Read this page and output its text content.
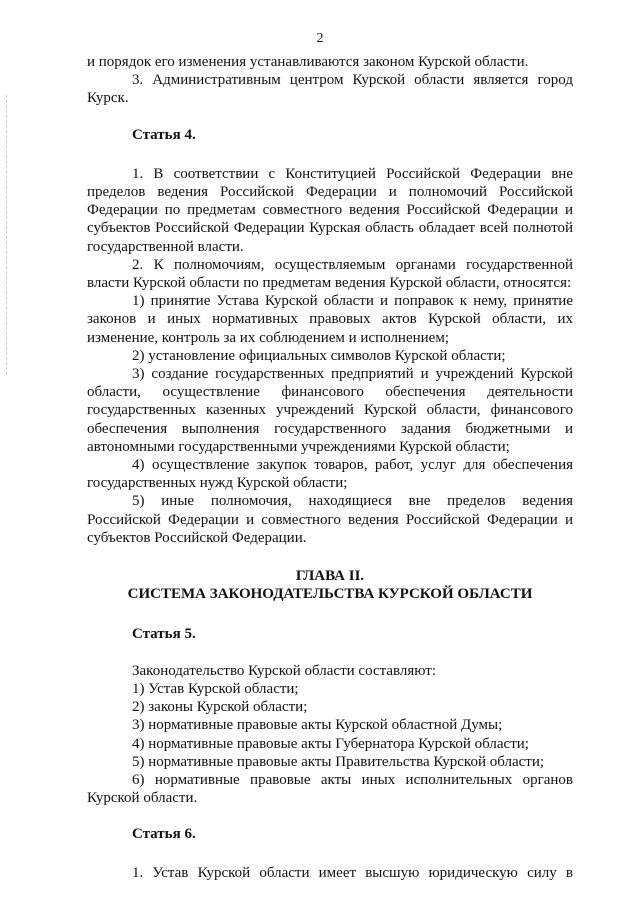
2

и порядок его изменения устанавливаются законом Курской области.

3. Административным центром Курской области является город

Курск.

Статья 4.

1. В соответствии с Конституцией Российской Федерации вне

пределов ведения Российской Федерации и полномочий Российской

Федерации по предметам совместного ведения Российской Федерации и

субъектов Российской Федерации Курская область обладает всей полнотой

государственной власти.

2. К полномочиям, осуществляемым органами государственной

власти Курской области по предметам ведения Курской области, относятся:

1) принятие Устава Курской области и поправок к нему, принятие

законов и иных нормативных правовых актов Курской области, их

изменение, контроль за их соблюдением и исполнением;

2) установление официальных символов Курской области;

3) создание государственных предприятий и учреждений Курской

области, осуществление финансового обеспечения деятельности

государственных казенных учреждений Курской области, финансового

обеспечения выполнения государственного задания бюджетными и

автономными государственными учреждениями Курской области;

4) осуществление закупок товаров, работ, услуг для обеспечения

государственных нужд Курской области;

5) иные полномочия, находящиеся вне пределов ведения

Российской Федерации и совместного ведения Российской Федерации и

субъектов Российской Федерации.

ГЛАВА II.

СИСТЕМА ЗАКОНОДАТЕЛЬСТВА КУРСКОЙ ОБЛАСТИ

Статья 5.

Законодательство Курской области составляют:

1) Устав Курской области;

2) законы Курской области;

3) нормативные правовые акты Курской областной Думы;

4) нормативные правовые акты Губернатора Курской области;

5) нормативные правовые акты Правительства Курской области;

6) нормативные правовые акты иных исполнительных органов

Курской области.

Статья 6.

1. Устав Курской области имеет высшую юридическую силу в
